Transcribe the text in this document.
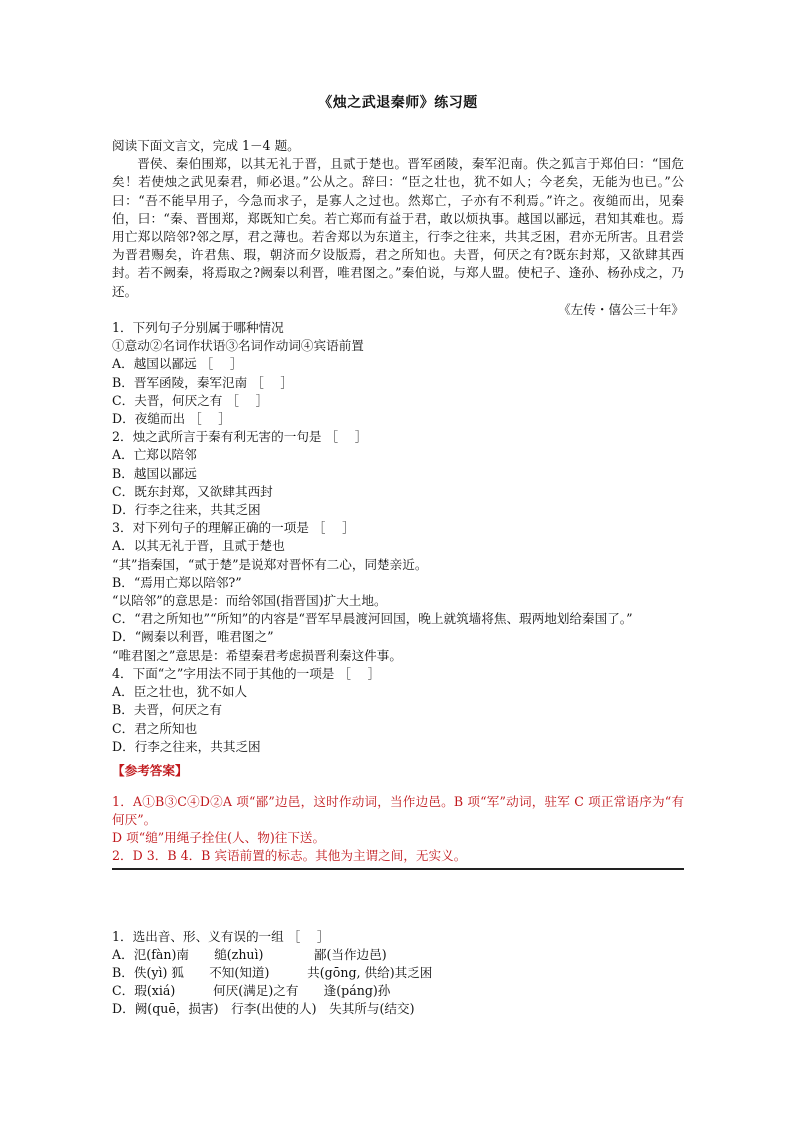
《烛之武退秦师》练习题

阅读下面文言文，完成 1－4 题。

晋侯、秦伯围郑，以其无礼于晋，且贰于楚也。晋军函陵，秦军氾南。佚之狐言于郑伯曰：“国危矣！若使烛之武见秦君，师必退。”公从之。辞曰：“臣之壮也，犹不如人；今老矣，无能为也已。”公曰：“吾不能早用子，今急而求子，是寡人之过也。然郑亡，子亦有不利焉。”许之。夜缒而出，见秦伯，曰：“秦、晋围郑，郑既知亡矣。若亡郑而有益于君，敢以烦执事。越国以鄙远，君知其难也。焉用亡郑以陪邻?邻之厚，君之薄也。若舍郑以为东道主，行李之往来，共其乏困，君亦无所害。且君尝为晋君赐矣，许君焦、瑕，朝济而夕设版焉，君之所知也。夫晋，何厌之有?既东封郑，又欲肆其西封。若不阙秦，将焉取之?阙秦以利晋，唯君图之。”秦伯说，与郑人盟。使杞子、逢孙、杨孙戍之，乃还。

《左传・僖公三十年》

1．下列句子分别属于哪种情况

①意动②名词作状语③名词作动词④宾语前置

A．越国以鄙远 ［　 ］

B．晋军函陵，秦军氾南 ［　 ］

C．夫晋，何厌之有 ［　 ］

D．夜缒而出 ［　 ］

2．烛之武所言于秦有利无害的一句是 ［　 ］

A．亡郑以陪邻

B．越国以鄙远

C．既东封郑，又欲肆其西封

D．行李之往来，共其乏困

3．对下列句子的理解正确的一项是 ［　 ］

A．以其无礼于晋，且贰于楚也

“其”指秦国，“贰于楚”是说郑对晋怀有二心，同楚亲近。

B．“焉用亡郑以陪邻?”

“以陪邻”的意思是：而给邻国(指晋国)扩大土地。

C．“君之所知也”“所知”的内容是“晋军早晨渡河回国，晚上就筑墙将焦、瑕两地划给秦国了。”

D．“阙秦以利晋，唯君图之”

“唯君图之”意思是：希望秦君考虑损晋利秦这件事。

4．下面“之”字用法不同于其他的一项是 ［　 ］

A．臣之壮也，犹不如人

B．夫晋，何厌之有

C．君之所知也

D．行李之往来，共其乏困

【参考答案】

1．A①B③C④D②A 项“鄙”边邑，这时作动词，当作边邑。B 项“军”动词，驻军 C 项正常语序为“有何厌”。

D 项“缒”用绳子拴住(人、物)往下送。

2．D 3．B 4．B 宾语前置的标志。其他为主谓之间，无实义。

1．选出音、形、义有误的一组 ［　 ］

A．氾(fàn)南　　缒(zhuì)　　　　鄙(当作边邑)

B．佚(yì) 狐　　不知(知道)　　　共(gōng, 供给)其乏困

C．瑕(xiá)　　　何厌(满足)之有　　逢(páng)孙

D．阙(quē，损害)　行李(出使的人)　失其所与(结交)
